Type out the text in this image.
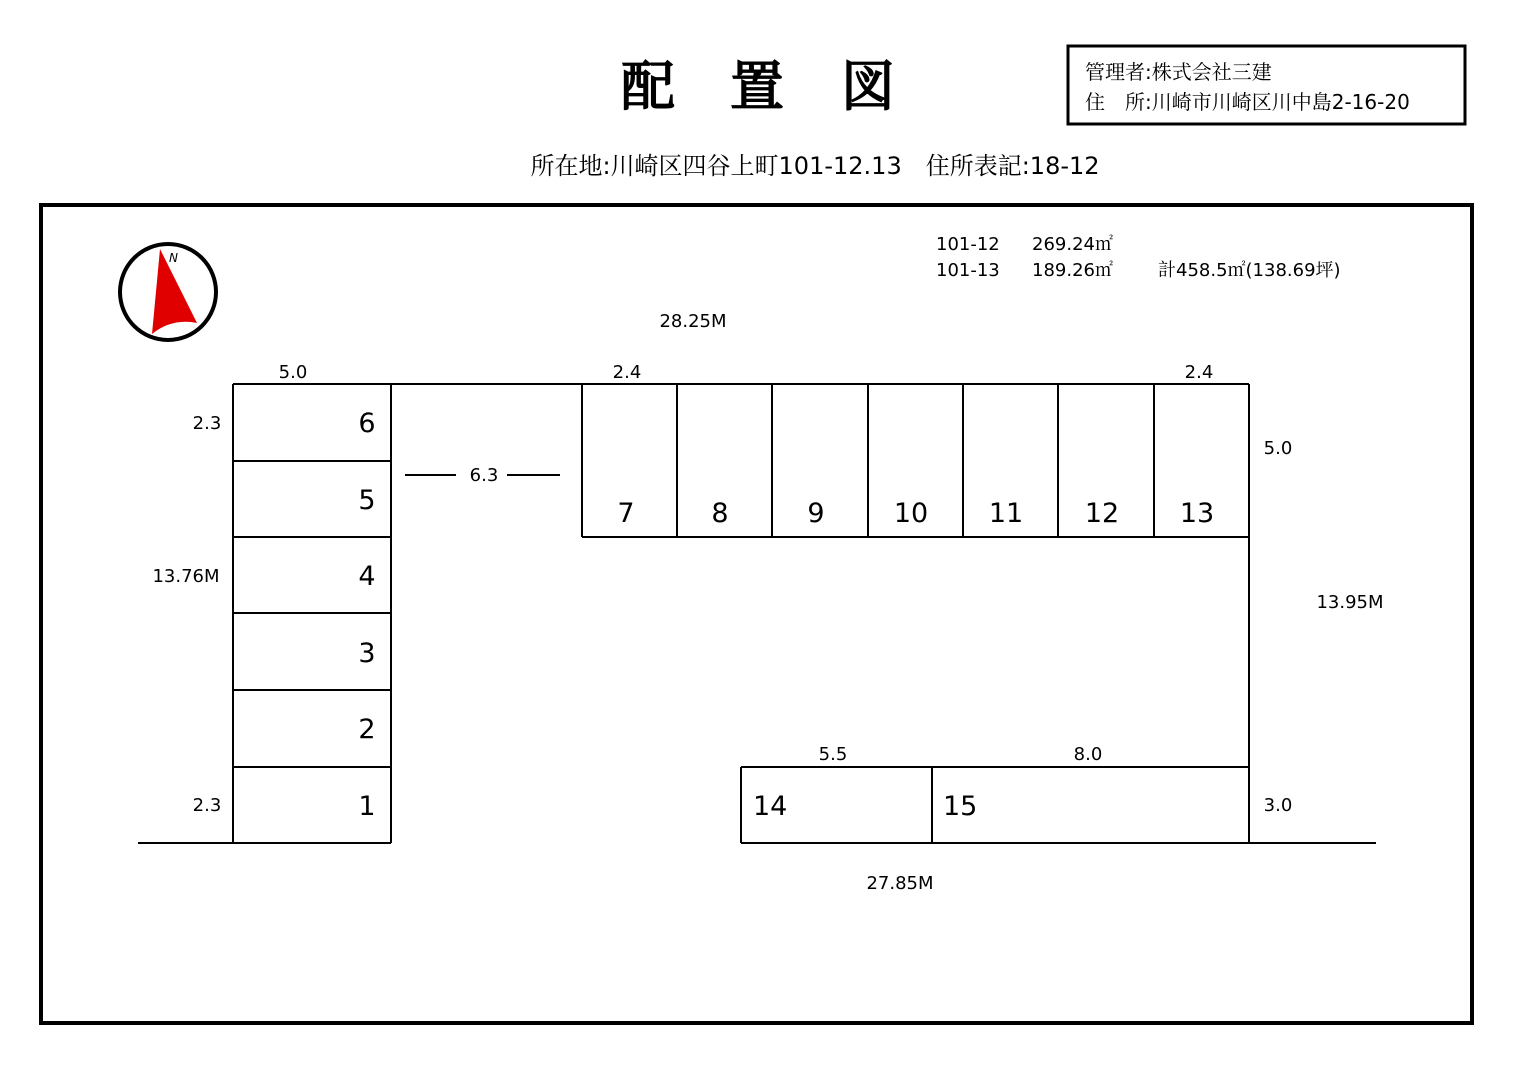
配 置 図	管理者:株式会社三建
住　所:川崎市川崎区川中島2-16-20
所在地:川崎区四谷上町101-12.13　住所表記:18-12
N
101-12 269.24㎡
101-13 189.26㎡	計458.5㎡(138.69坪)
6
5
4
3
2
1
7	8	9	10 11 12 13
14	15
28.25M
5.0	2.4	2.4
2.3
13.76M
2.3
6.3
5.0
13.95M
3.0
5.5	8.0
27.85M
